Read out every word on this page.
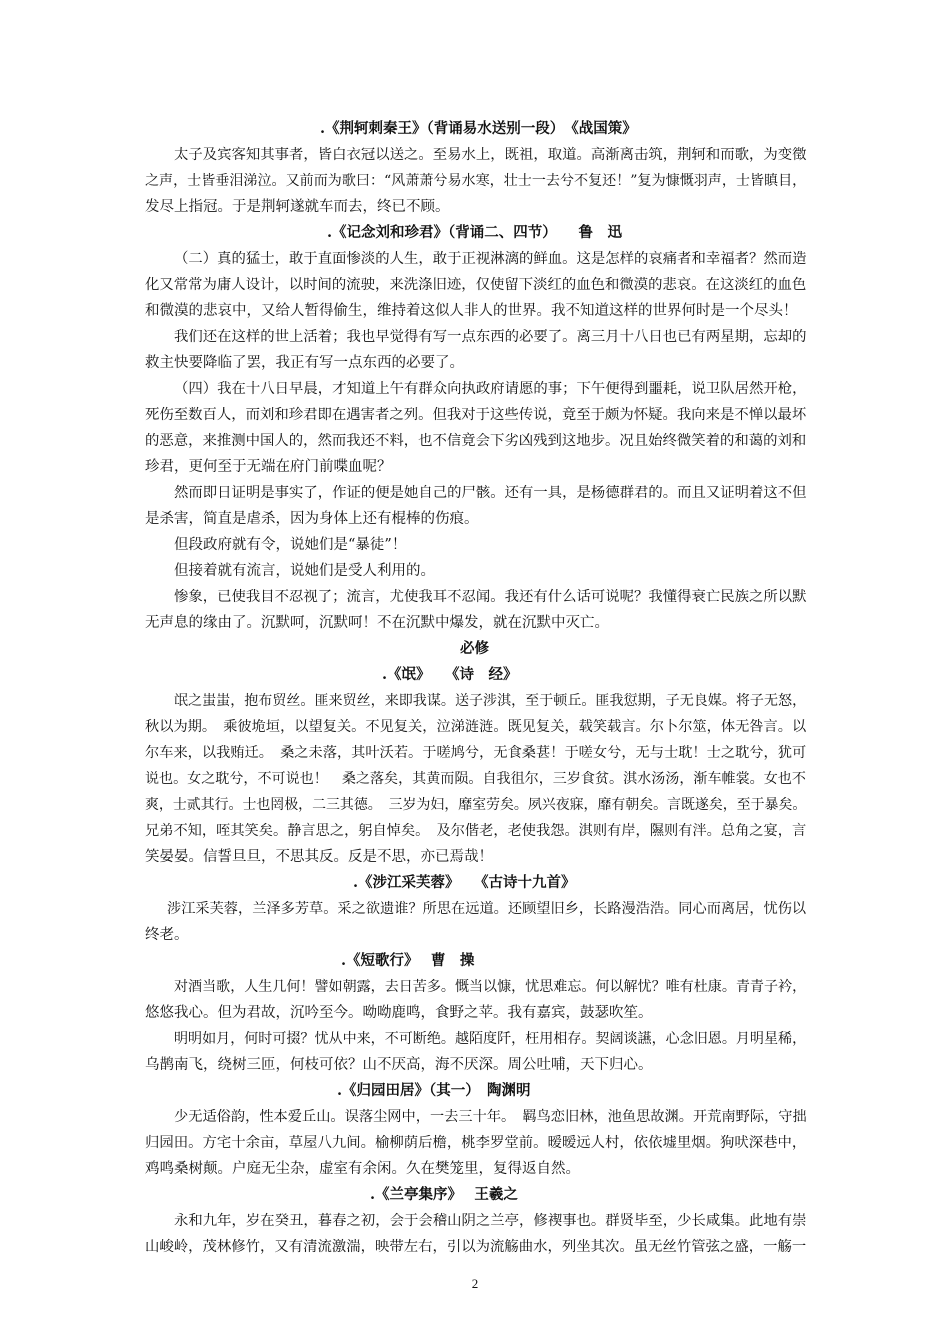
.《荆轲刺秦王》（背诵易水送别一段）　《战国策》
太子及宾客知其事者，皆白衣冠以送之。至易水上，既祖，取道。高渐离击筑，荆轲和而歌，为变徵
之声，士皆垂泪涕泣。又前而为歌曰：“风萧萧兮易水寒，壮士一去兮不复还！”复为慷慨羽声，士皆瞋目，
发尽上指冠。于是荆轲遂就车而去，终已不顾。
.《记念刘和珍君》（背诵二、四节）　　鲁　迅
（二）真的猛士，敢于直面惨淡的人生，敢于正视淋漓的鲜血。这是怎样的哀痛者和幸福者？然而造
化又常常为庸人设计，以时间的流驶，来洗涤旧迹，仅使留下淡红的血色和微漠的悲哀。在这淡红的血色
和微漠的悲哀中，又给人暂得偷生，维持着这似人非人的世界。我不知道这样的世界何时是一个尽头！
我们还在这样的世上活着；我也早觉得有写一点东西的必要了。离三月十八日也已有两星期，忘却的
救主快要降临了罢，我正有写一点东西的必要了。
（四）我在十八日早晨，才知道上午有群众向执政府请愿的事；下午便得到噩耗，说卫队居然开枪，
死伤至数百人，而刘和珍君即在遇害者之列。但我对于这些传说，竟至于颇为怀疑。我向来是不惮以最坏
的恶意，来推测中国人的，然而我还不料，也不信竟会下劣凶残到这地步。况且始终微笑着的和蔼的刘和
珍君，更何至于无端在府门前喋血呢？
然而即日证明是事实了，作证的便是她自己的尸骸。还有一具，是杨德群君的。而且又证明着这不但
是杀害，简直是虐杀，因为身体上还有棍棒的伤痕。
但段政府就有令，说她们是“暴徒”！
但接着就有流言，说她们是受人利用的。
惨象，已使我目不忍视了；流言，尤使我耳不忍闻。我还有什么话可说呢？我懂得衰亡民族之所以默
无声息的缘由了。沉默呵，沉默呵！不在沉默中爆发，就在沉默中灭亡。
必修
.《氓》　　《诗　经》
氓之蚩蚩，抱布贸丝。匪来贸丝，来即我谋。送子涉淇，至于顿丘。匪我愆期，子无良媒。将子无怒，
秋以为期。　乘彼垝垣，以望复关。不见复关，泣涕涟涟。既见复关，载笑载言。尔卜尔筮，体无咎言。以
尔车来，以我贿迁。　桑之未落，其叶沃若。于嗟鸠兮，无食桑葚！于嗟女兮，无与士耽！士之耽兮，犹可
说也。女之耽兮，不可说也！　桑之落矣，其黄而陨。自我徂尔，三岁食贫。淇水汤汤，渐车帷裳。女也不
爽，士贰其行。士也罔极，二三其德。　三岁为妇，靡室劳矣。夙兴夜寐，靡有朝矣。言既遂矣，至于暴矣。
兄弟不知，咥其笑矣。静言思之，躬自悼矣。　及尔偕老，老使我怨。淇则有岸，隰则有泮。总角之宴，言
笑晏晏。信誓旦旦，不思其反。反是不思，亦已焉哉！
.《涉江采芙蓉》　　《古诗十九首》
涉江采芙蓉，兰泽多芳草。采之欲遗谁？所思在远道。还顾望旧乡，长路漫浩浩。同心而离居，忧伤以
终老。
.《短歌行》　 曹　操
对酒当歌，人生几何！譬如朝露，去日苦多。慨当以慷，忧思难忘。何以解忧？唯有杜康。青青子衿，
悠悠我心。但为君故，沉吟至今。呦呦鹿鸣，食野之苹。我有嘉宾，鼓瑟吹笙。
明明如月，何时可掇？忧从中来，不可断绝。越陌度阡，枉用相存。契阔谈讌，心念旧恩。月明星稀，
乌鹊南飞，绕树三匝，何枝可依？山不厌高，海不厌深。周公吐哺，天下归心。
.《归园田居》（其一）　陶渊明
少无适俗韵，性本爱丘山。误落尘网中，一去三十年。　羁鸟恋旧林，池鱼思故渊。开荒南野际，守拙
归园田。方宅十余亩，草屋八九间。榆柳荫后檐，桃李罗堂前。暧暧远人村，依依墟里烟。狗吠深巷中，
鸡鸣桑树颠。户庭无尘杂，虚室有余闲。久在樊笼里，复得返自然。
.《兰亭集序》　 王羲之
永和九年，岁在癸丑，暮春之初，会于会稽山阴之兰亭，修禊事也。群贤毕至，少长咸集。此地有崇
山峻岭，茂林修竹，又有清流激湍，映带左右，引以为流觞曲水，列坐其次。虽无丝竹管弦之盛，一觞一
2
